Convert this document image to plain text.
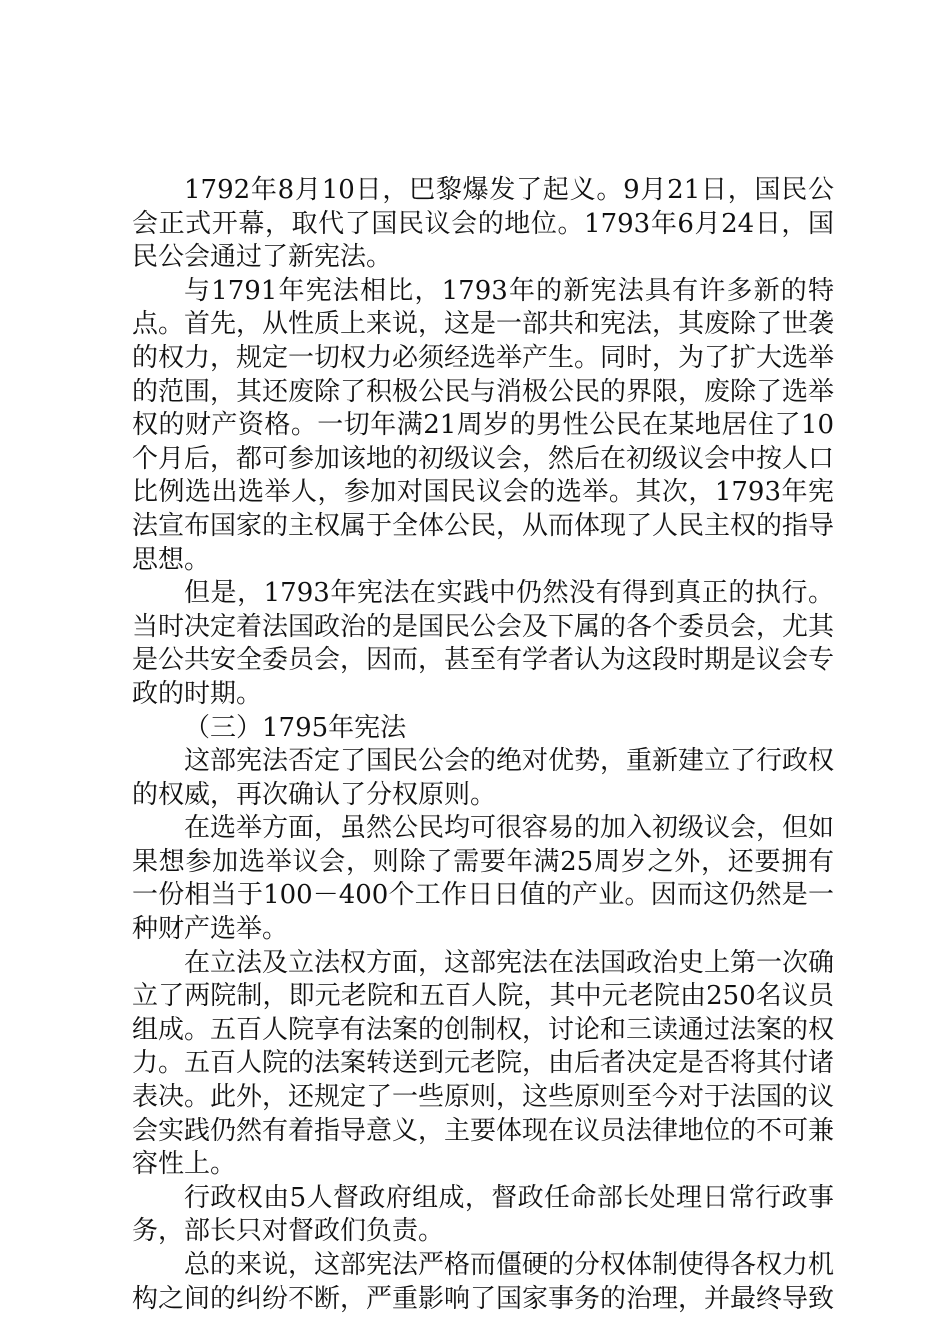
1792年8月10日，巴黎爆发了起义。9月21日，国民公会正式开幕，取代了国民议会的地位。1793年6月24日，国民公会通过了新宪法。

与1791年宪法相比，1793年的新宪法具有许多新的特点。首先，从性质上来说，这是一部共和宪法，其废除了世袭的权力，规定一切权力必须经选举产生。同时，为了扩大选举的范围，其还废除了积极公民与消极公民的界限，废除了选举权的财产资格。一切年满21周岁的男性公民在某地居住了10个月后，都可参加该地的初级议会，然后在初级议会中按人口比例选出选举人，参加对国民议会的选举。其次，1793年宪法宣布国家的主权属于全体公民，从而体现了人民主权的指导思想。

但是，1793年宪法在实践中仍然没有得到真正的执行。当时决定着法国政治的是国民公会及下属的各个委员会，尤其是公共安全委员会，因而，甚至有学者认为这段时期是议会专政的时期。

（三）1795年宪法

这部宪法否定了国民公会的绝对优势，重新建立了行政权的权威，再次确认了分权原则。

在选举方面，虽然公民均可很容易的加入初级议会，但如果想参加选举议会，则除了需要年满25周岁之外，还要拥有一份相当于100－400个工作日日值的产业。因而这仍然是一种财产选举。

在立法及立法权方面，这部宪法在法国政治史上第一次确立了两院制，即元老院和五百人院，其中元老院由250名议员组成。五百人院享有法案的创制权，讨论和三读通过法案的权力。五百人院的法案转送到元老院，由后者决定是否将其付诸表决。此外，还规定了一些原则，这些原则至今对于法国的议会实践仍然有着指导意义，主要体现在议员法律地位的不可兼容性上。

行政权由5人督政府组成，督政任命部长处理日常行政事务，部长只对督政们负责。

总的来说，这部宪法严格而僵硬的分权体制使得各权力机构之间的纠纷不断，严重影响了国家事务的治理，并最终导致
